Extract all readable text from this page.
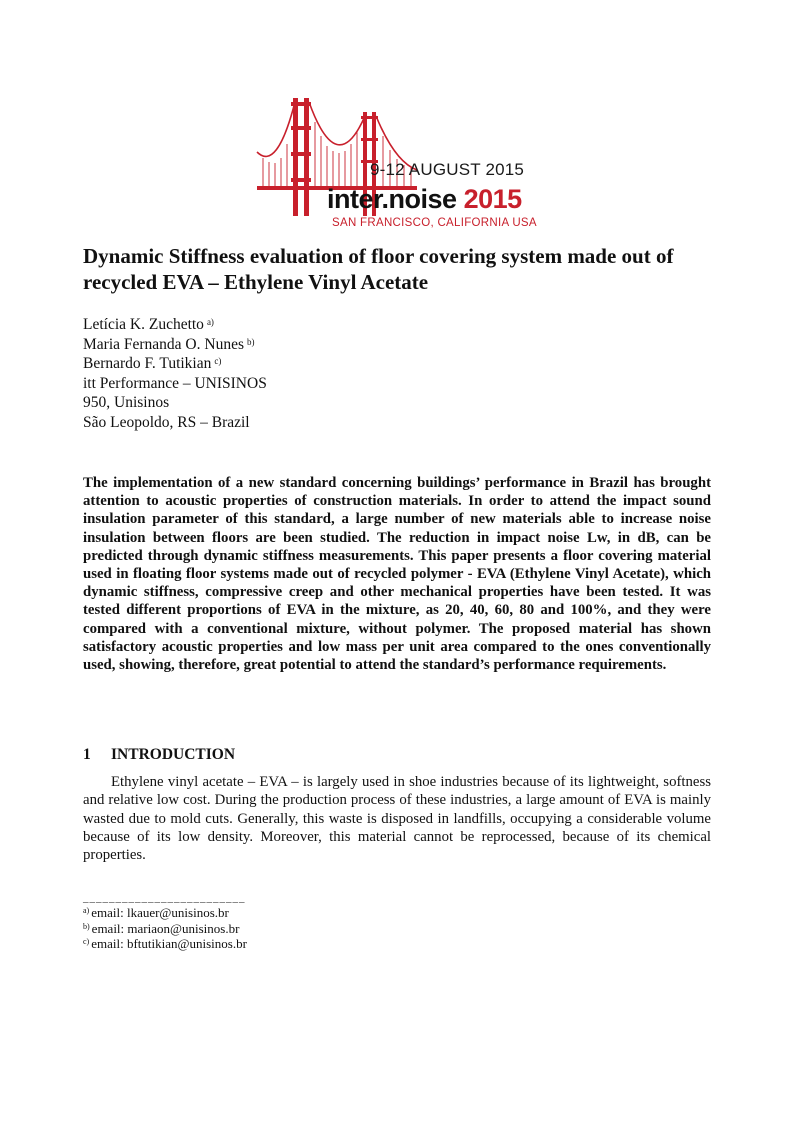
9-12 AUGUST 2015
inter.noise 2015
SAN FRANCISCO, CALIFORNIA USA
Dynamic Stiffness evaluation of floor covering system made out of recycled EVA – Ethylene Vinyl Acetate
Letícia K. Zuchetto $^{a)}$
Maria Fernanda O. Nunes $^{b)}$
Bernardo F. Tutikian $^{c)}$
itt Performance – UNISINOS
950, Unisinos
São Leopoldo, RS – Brazil

The implementation of a new standard concerning buildings’ performance in Brazil has brought attention to acoustic properties of construction materials. In order to attend the impact sound insulation parameter of this standard, a large number of new materials able to increase noise insulation between floors are been studied. The reduction in impact noise Lw, in dB, can be predicted through dynamic stiffness measurements. This paper presents a floor covering material used in floating floor systems made out of recycled polymer - EVA (Ethylene Vinyl Acetate), which dynamic stiffness, compressive creep and other mechanical properties have been tested. It was tested different proportions of EVA in the mixture, as 20, 40, 60, 80 and 100%, and they were compared with a conventional mixture, without polymer. The proposed material has shown satisfactory acoustic properties and low mass per unit area compared to the ones conventionally used, showing, therefore, great potential to attend the standard’s performance requirements.

1 INTRODUCTION

Ethylene vinyl acetate – EVA – is largely used in shoe industries because of its lightweight, softness and relative low cost. During the production process of these industries, a large amount of EVA is mainly wasted due to mold cuts. Generally, this waste is disposed in landfills, occupying a considerable volume because of its low density. Moreover, this material cannot be reprocessed, because of its chemical properties.

_________________________
$^{a)}$ email: lkauer@unisinos.br
$^{b)}$ email: mariaon@unisinos.br
$^{c)}$ email: bftutikian@unisinos.br
